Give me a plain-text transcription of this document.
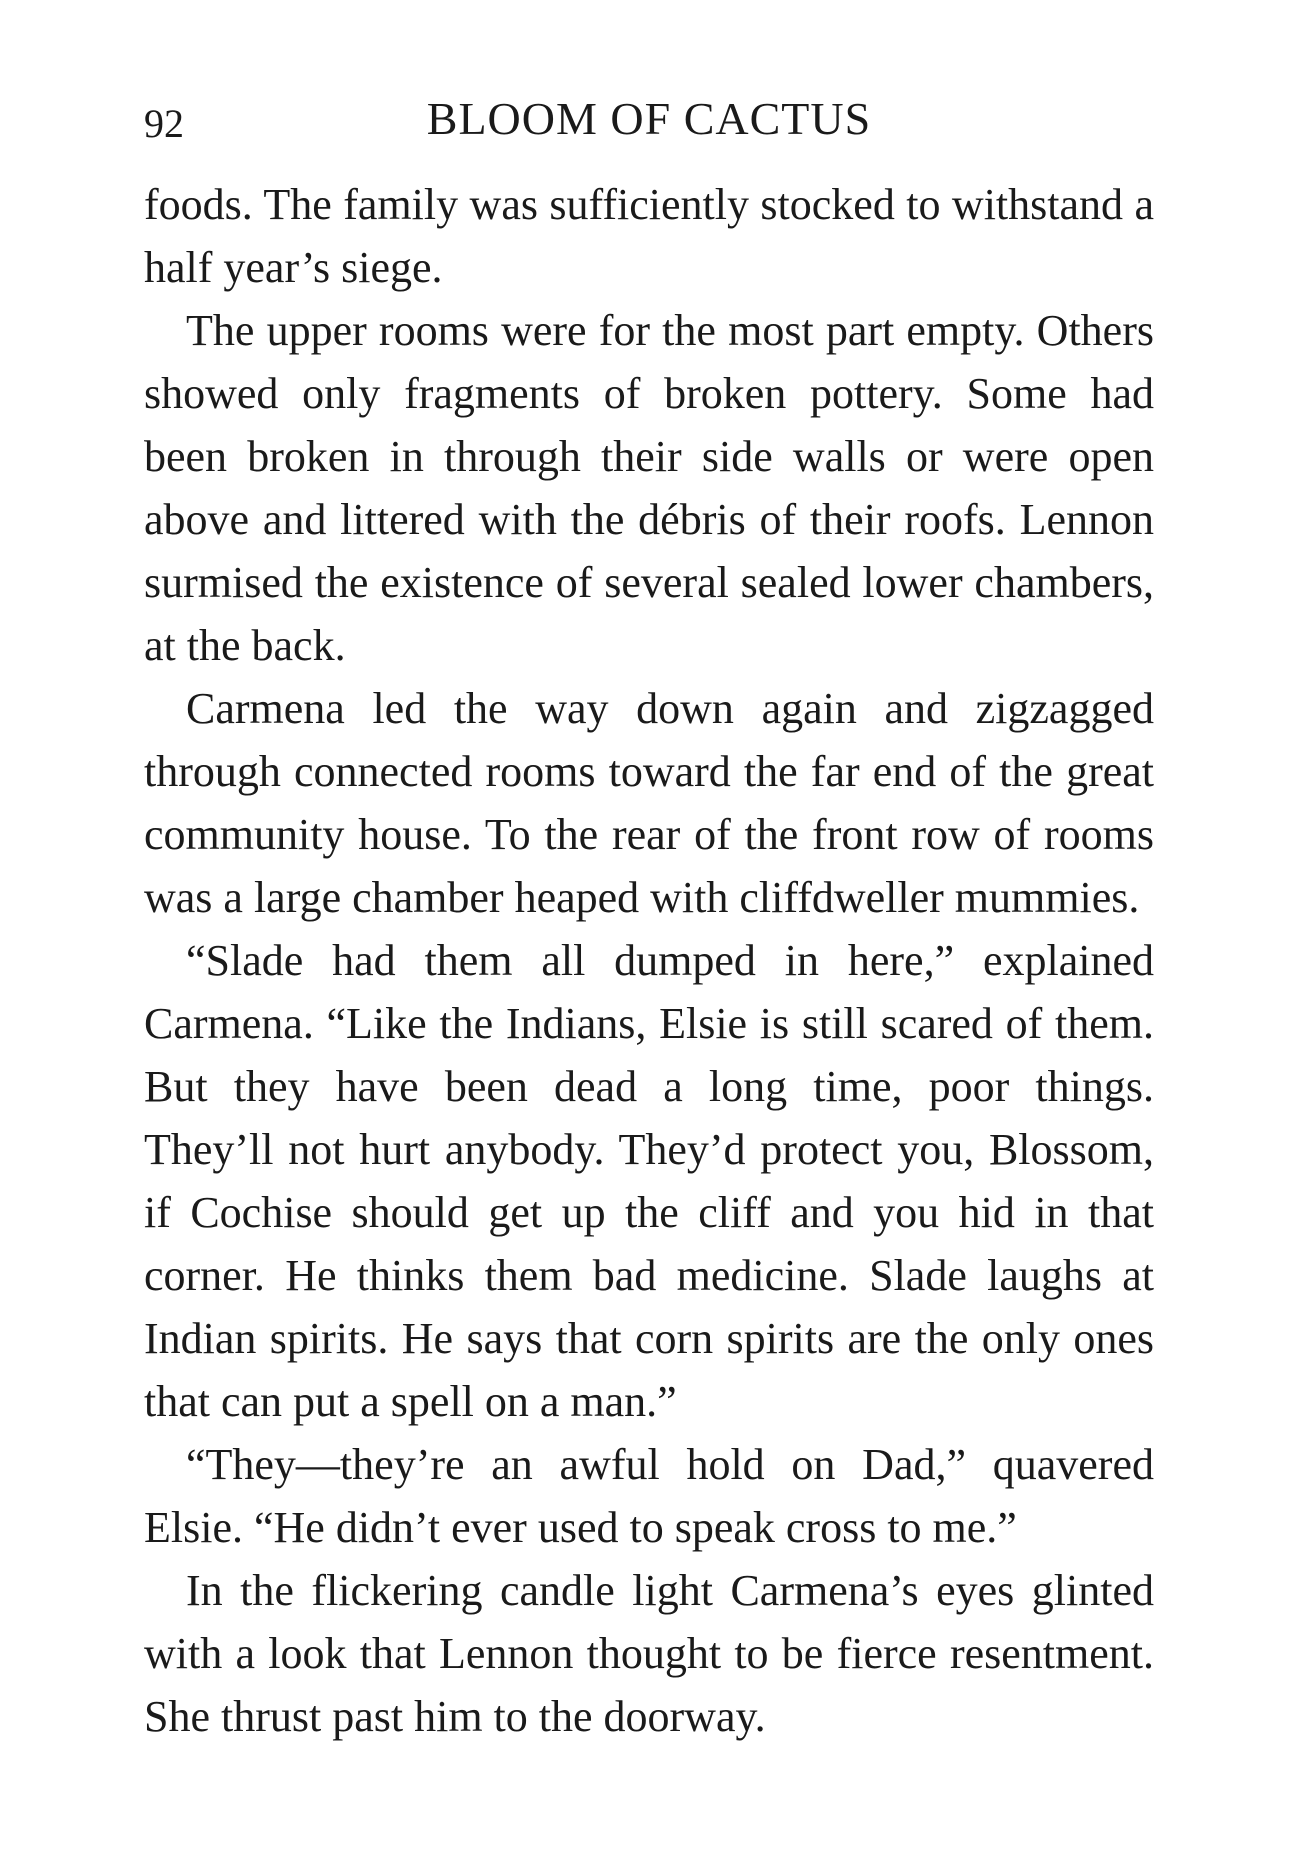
92	BLOOM OF CACTUS

foods. The family was sufficiently stocked to withstand a half year’s siege.

The upper rooms were for the most part empty. Others showed only fragments of broken pottery. Some had been broken in through their side walls or were open above and littered with the débris of their roofs. Lennon surmised the existence of several sealed lower chambers, at the back.

Carmena led the way down again and zigzagged through connected rooms toward the far end of the great community house. To the rear of the front row of rooms was a large chamber heaped with cliffdweller mummies.

“Slade had them all dumped in here,” explained Carmena. “Like the Indians, Elsie is still scared of them. But they have been dead a long time, poor things. They’ll not hurt anybody. They’d protect you, Blossom, if Cochise should get up the cliff and you hid in that corner. He thinks them bad medicine. Slade laughs at Indian spirits. He says that corn spirits are the only ones that can put a spell on a man.”

“They—they’re an awful hold on Dad,” quavered Elsie. “He didn’t ever used to speak cross to me.”

In the flickering candle light Carmena’s eyes glinted with a look that Lennon thought to be fierce resentment. She thrust past him to the doorway.
